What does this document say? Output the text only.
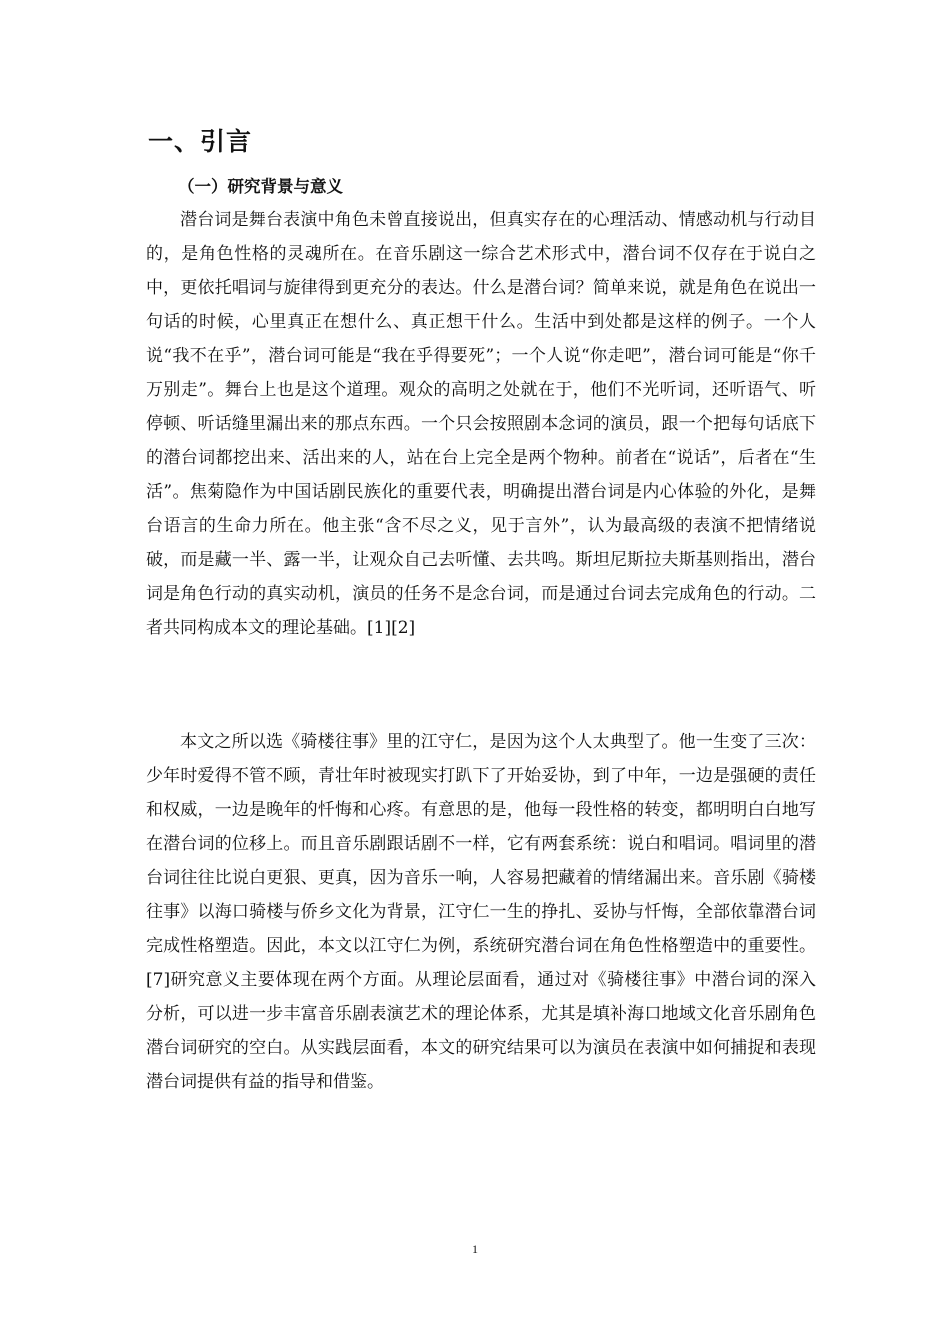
一、引言
（一）研究背景与意义

潜台词是舞台表演中角色未曾直接说出，但真实存在的心理活动、情感动机与行动目的，是角色性格的灵魂所在。在音乐剧这一综合艺术形式中，潜台词不仅存在于说白之中，更依托唱词与旋律得到更充分的表达。什么是潜台词？简单来说，就是角色在说出一句话的时候，心里真正在想什么、真正想干什么。生活中到处都是这样的例子。一个人说“我不在乎”，潜台词可能是“我在乎得要死”；一个人说“你走吧”，潜台词可能是“你千万别走”。舞台上也是这个道理。观众的高明之处就在于，他们不光听词，还听语气、听停顿、听话缝里漏出来的那点东西。一个只会按照剧本念词的演员，跟一个把每句话底下的潜台词都挖出来、活出来的人，站在台上完全是两个物种。前者在“说话”，后者在“生活”。焦菊隐作为中国话剧民族化的重要代表，明确提出潜台词是内心体验的外化，是舞台语言的生命力所在。他主张“含不尽之义，见于言外”，认为最高级的表演不把情绪说破，而是藏一半、露一半，让观众自己去听懂、去共鸣。斯坦尼斯拉夫斯基则指出，潜台词是角色行动的真实动机，演员的任务不是念台词，而是通过台词去完成角色的行动。二者共同构成本文的理论基础。[1][2]

本文之所以选《骑楼往事》里的江守仁，是因为这个人太典型了。他一生变了三次：少年时爱得不管不顾，青壮年时被现实打趴下了开始妥协，到了中年，一边是强硬的责任和权威，一边是晚年的忏悔和心疼。有意思的是，他每一段性格的转变，都明明白白地写在潜台词的位移上。而且音乐剧跟话剧不一样，它有两套系统：说白和唱词。唱词里的潜台词往往比说白更狠、更真，因为音乐一响，人容易把藏着的情绪漏出来。音乐剧《骑楼往事》以海口骑楼与侨乡文化为背景，江守仁一生的挣扎、妥协与忏悔，全部依靠潜台词完成性格塑造。因此，本文以江守仁为例，系统研究潜台词在角色性格塑造中的重要性。[7]研究意义主要体现在两个方面。从理论层面看，通过对《骑楼往事》中潜台词的深入分析，可以进一步丰富音乐剧表演艺术的理论体系，尤其是填补海口地域文化音乐剧角色潜台词研究的空白。从实践层面看，本文的研究结果可以为演员在表演中如何捕捉和表现潜台词提供有益的指导和借鉴。

1
